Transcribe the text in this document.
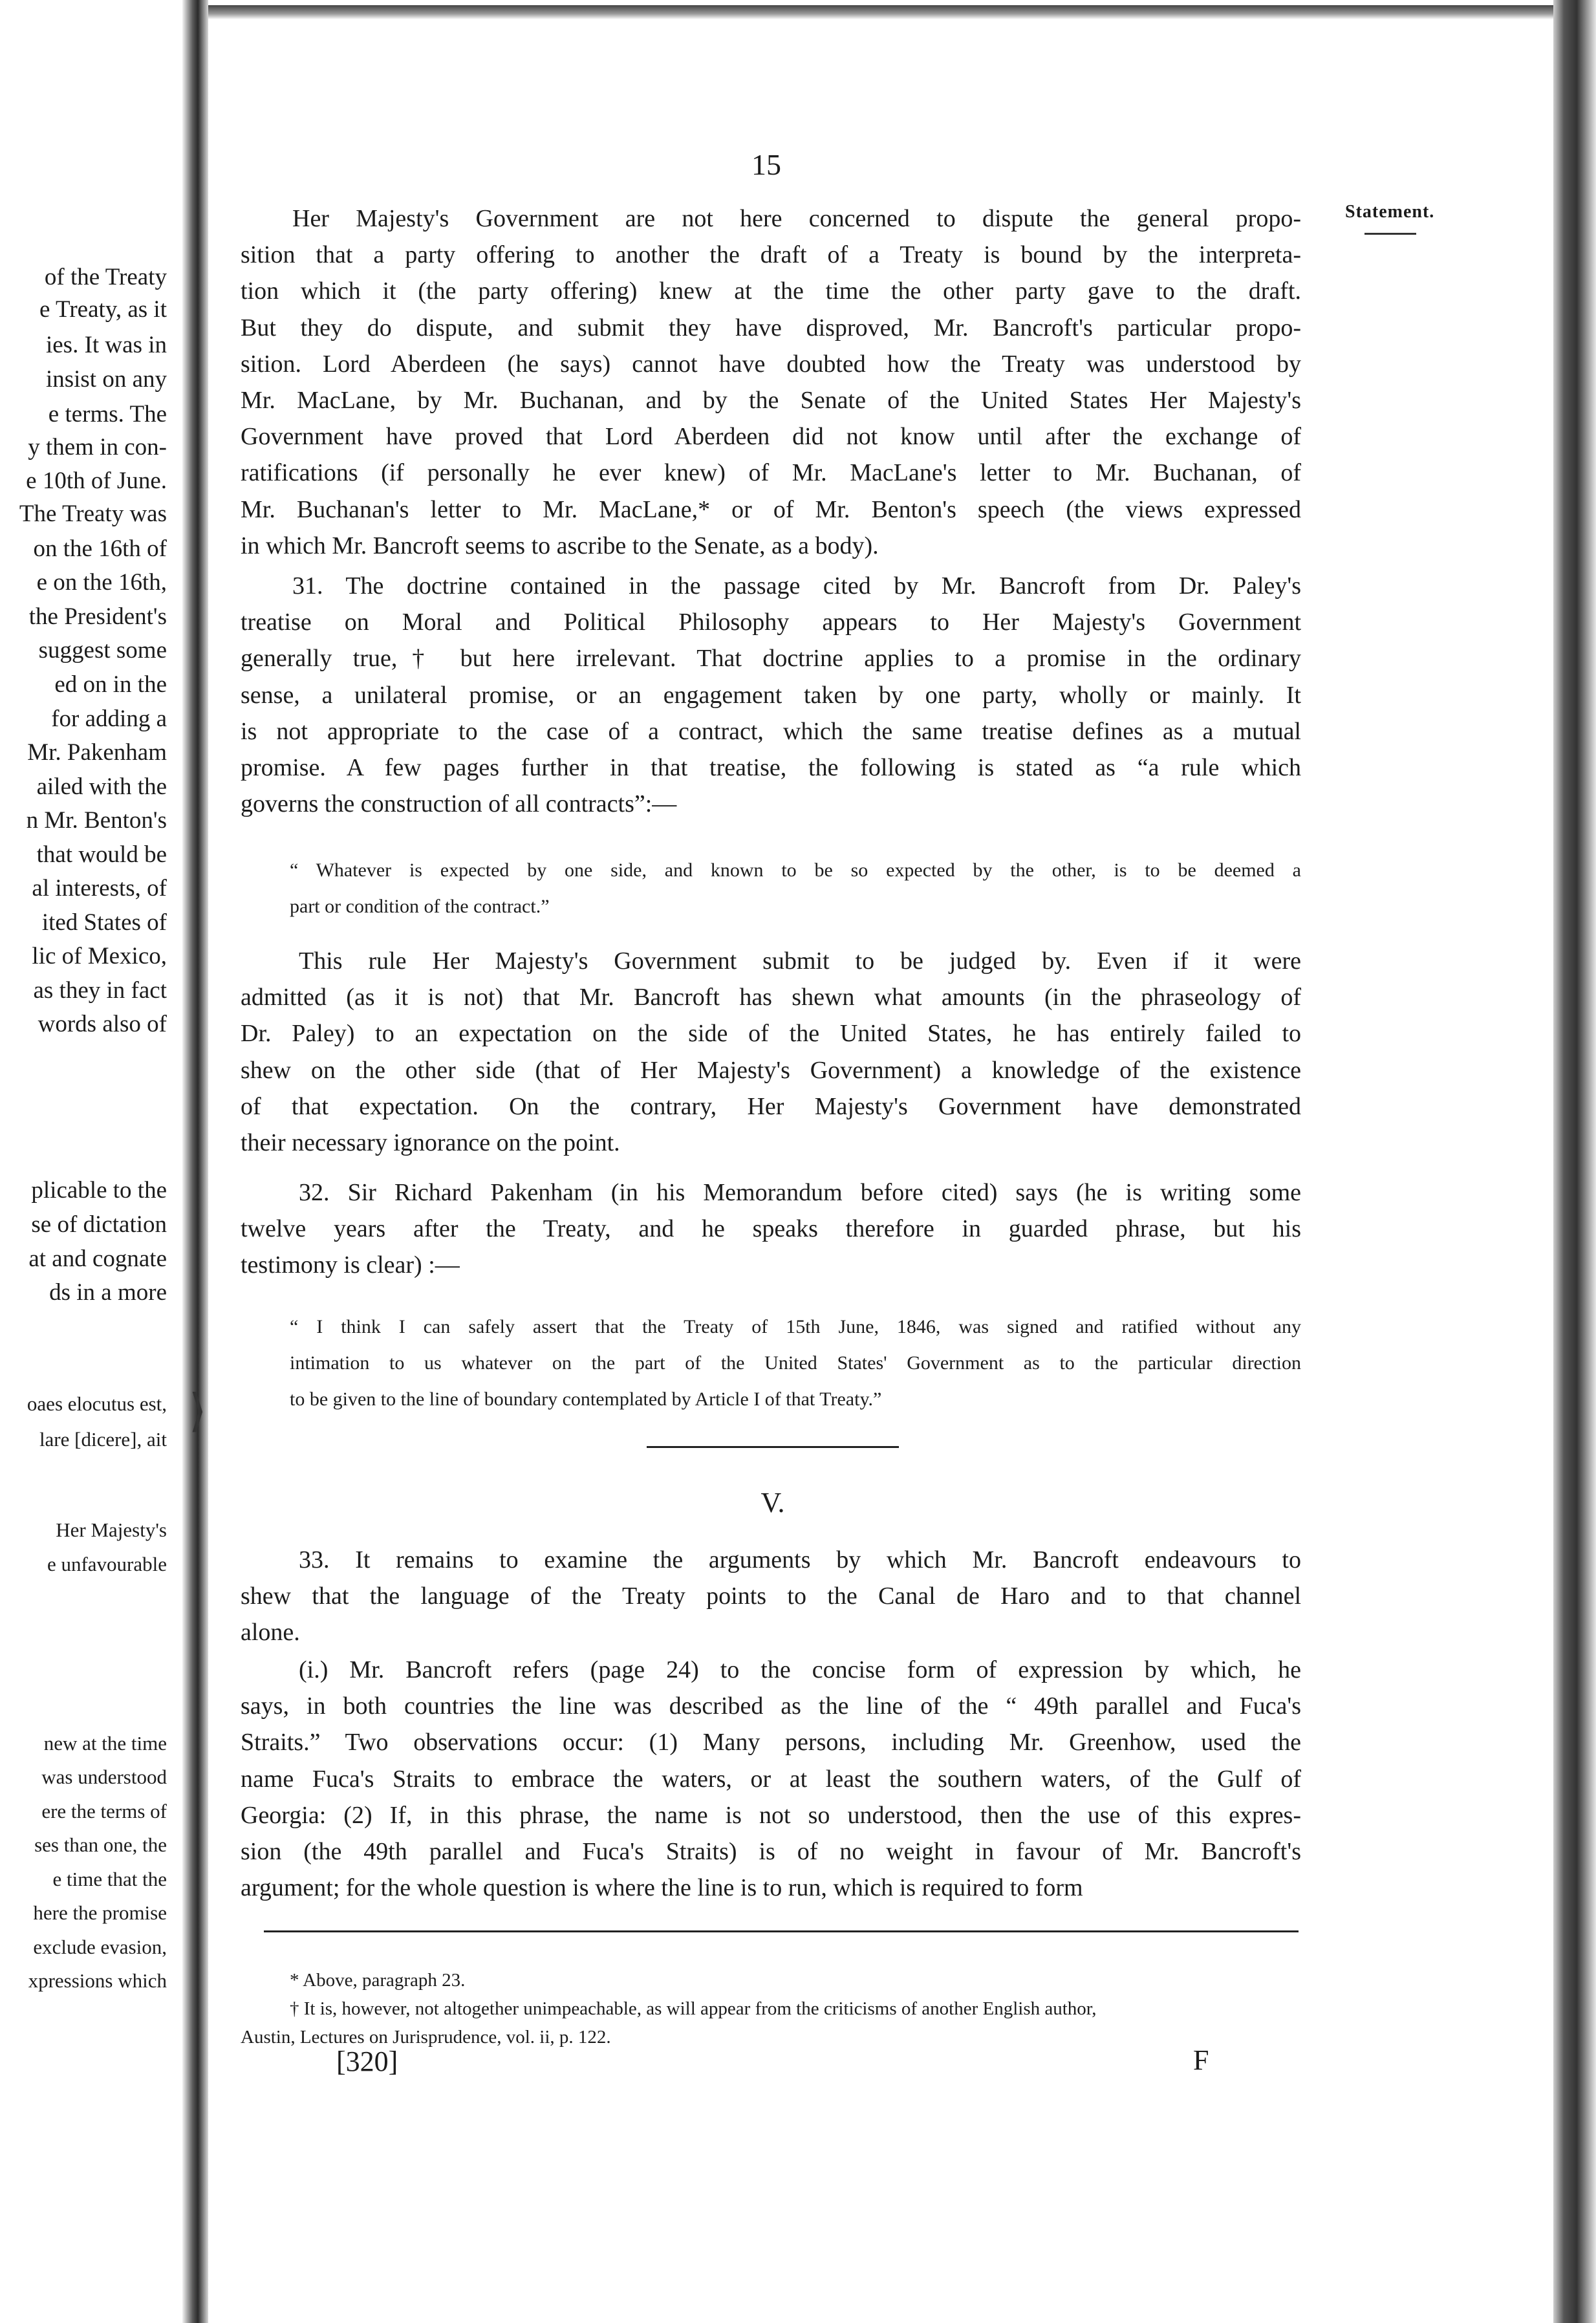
of the Treaty
e Treaty, as it
ies. It was in
insist on any
e terms. The
y them in con-
e 10th of June.
The Treaty was
on the 16th of
e on the 16th,
the President's
suggest some
ed on in the
for adding a
Mr. Pakenham
ailed with the
n Mr. Benton's
that would be
al interests, of
ited States of
lic of Mexico,
as they in fact
words also of
plicable to the
se of dictation
at and cognate
ds in a more
oaes elocutus est,
lare [dicere], ait
Her Majesty's
e unfavourable
new at the time
was understood
ere the terms of
ses than one, the
e time that the
here the promise
exclude evasion,
xpressions which
⟩
15
Statement.
Her Majesty's Government are not here concerned to dispute the general propo-
sition that a party offering to another the draft of a Treaty is bound by the interpreta-
tion which it (the party offering) knew at the time the other party gave to the draft.
But they do dispute, and submit they have disproved, Mr. Bancroft's particular propo-
sition. Lord Aberdeen (he says) cannot have doubted how the Treaty was understood by
Mr. MacLane, by Mr. Buchanan, and by the Senate of the United States Her Majesty's
Government have proved that Lord Aberdeen did not know until after the exchange of
ratifications (if personally he ever knew) of Mr. MacLane's letter to Mr. Buchanan, of
Mr. Buchanan's letter to Mr. MacLane,* or of Mr. Benton's speech (the views expressed
in which Mr. Bancroft seems to ascribe to the Senate, as a body).
31. The doctrine contained in the passage cited by Mr. Bancroft from Dr. Paley's
treatise on Moral and Political Philosophy appears to Her Majesty's Government
generally true,† but here irrelevant. That doctrine applies to a promise in the ordinary
sense, a unilateral promise, or an engagement taken by one party, wholly or mainly. It
is not appropriate to the case of a contract, which the same treatise defines as a mutual
promise. A few pages further in that treatise, the following is stated as “a rule which
governs the construction of all contracts”:—
“ Whatever is expected by one side, and known to be so expected by the other, is to be deemed a
part or condition of the contract.”
This rule Her Majesty's Government submit to be judged by. Even if it were
admitted (as it is not) that Mr. Bancroft has shewn what amounts (in the phraseology of
Dr. Paley) to an expectation on the side of the United States, he has entirely failed to
shew on the other side (that of Her Majesty's Government) a knowledge of the existence
of that expectation. On the contrary, Her Majesty's Government have demonstrated
their necessary ignorance on the point.
32. Sir Richard Pakenham (in his Memorandum before cited) says (he is writing some
twelve years after the Treaty, and he speaks therefore in guarded phrase, but his
testimony is clear) :—
“ I think I can safely assert that the Treaty of 15th June, 1846, was signed and ratified without any
intimation to us whatever on the part of the United States' Government as to the particular direction
to be given to the line of boundary contemplated by Article I of that Treaty.”
V.
33. It remains to examine the arguments by which Mr. Bancroft endeavours to
shew that the language of the Treaty points to the Canal de Haro and to that channel
alone.
(i.) Mr. Bancroft refers (page 24) to the concise form of expression by which, he
says, in both countries the line was described as the line of the “ 49th parallel and Fuca's
Straits.” Two observations occur: (1) Many persons, including Mr. Greenhow, used the
name Fuca's Straits to embrace the waters, or at least the southern waters, of the Gulf of
Georgia: (2) If, in this phrase, the name is not so understood, then the use of this expres-
sion (the 49th parallel and Fuca's Straits) is of no weight in favour of Mr. Bancroft's
argument; for the whole question is where the line is to run, which is required to form
* Above, paragraph 23.
† It is, however, not altogether unimpeachable, as will appear from the criticisms of another English author,
Austin, Lectures on Jurisprudence, vol. ii, p. 122.
[320]	F
